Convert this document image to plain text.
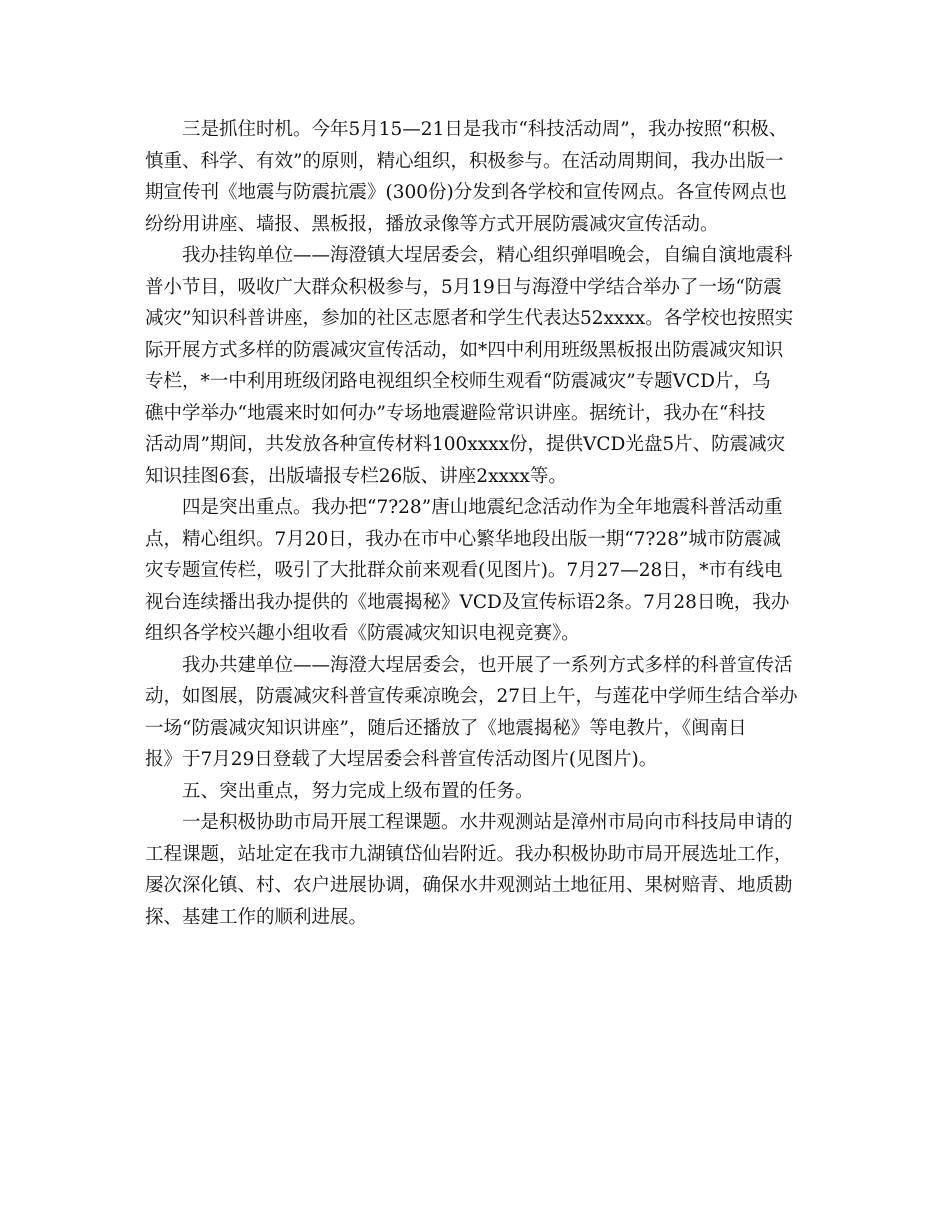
三是抓住时机。今年5月15—21日是我市“科技活动周”，我办按照“积极、
慎重、科学、有效”的原则，精心组织，积极参与。在活动周期间，我办出版一
期宣传刊《地震与防震抗震》(300份)分发到各学校和宣传网点。各宣传网点也
纷纷用讲座、墙报、黑板报，播放录像等方式开展防震减灾宣传活动。
我办挂钩单位——海澄镇大埕居委会，精心组织弹唱晚会，自编自演地震科
普小节目，吸收广大群众积极参与，5月19日与海澄中学结合举办了一场“防震
减灾”知识科普讲座，参加的社区志愿者和学生代表达52xxxx。各学校也按照实
际开展方式多样的防震减灾宣传活动，如*四中利用班级黑板报出防震减灾知识
专栏，*一中利用班级闭路电视组织全校师生观看“防震减灾”专题VCD片，乌
礁中学举办“地震来时如何办”专场地震避险常识讲座。据统计，我办在“科技
活动周”期间，共发放各种宣传材料100xxxx份，提供VCD光盘5片、防震减灾
知识挂图6套，出版墙报专栏26版、讲座2xxxx等。
四是突出重点。我办把“7?28”唐山地震纪念活动作为全年地震科普活动重
点，精心组织。7月20日，我办在市中心繁华地段出版一期“7?28”城市防震减
灾专题宣传栏，吸引了大批群众前来观看(见图片)。7月27—28日，*市有线电
视台连续播出我办提供的《地震揭秘》VCD及宣传标语2条。7月28日晚，我办
组织各学校兴趣小组收看《防震减灾知识电视竞赛》。
我办共建单位——海澄大埕居委会，也开展了一系列方式多样的科普宣传活
动，如图展，防震减灾科普宣传乘凉晚会，27日上午，与莲花中学师生结合举办
一场“防震减灾知识讲座”，随后还播放了《地震揭秘》等电教片，《闽南日
报》于7月29日登载了大埕居委会科普宣传活动图片(见图片)。
五、突出重点，努力完成上级布置的任务。
一是积极协助市局开展工程课题。水井观测站是漳州市局向市科技局申请的
工程课题，站址定在我市九湖镇岱仙岩附近。我办积极协助市局开展选址工作，
屡次深化镇、村、农户进展协调，确保水井观测站土地征用、果树赔青、地质勘
探、基建工作的顺利进展。
